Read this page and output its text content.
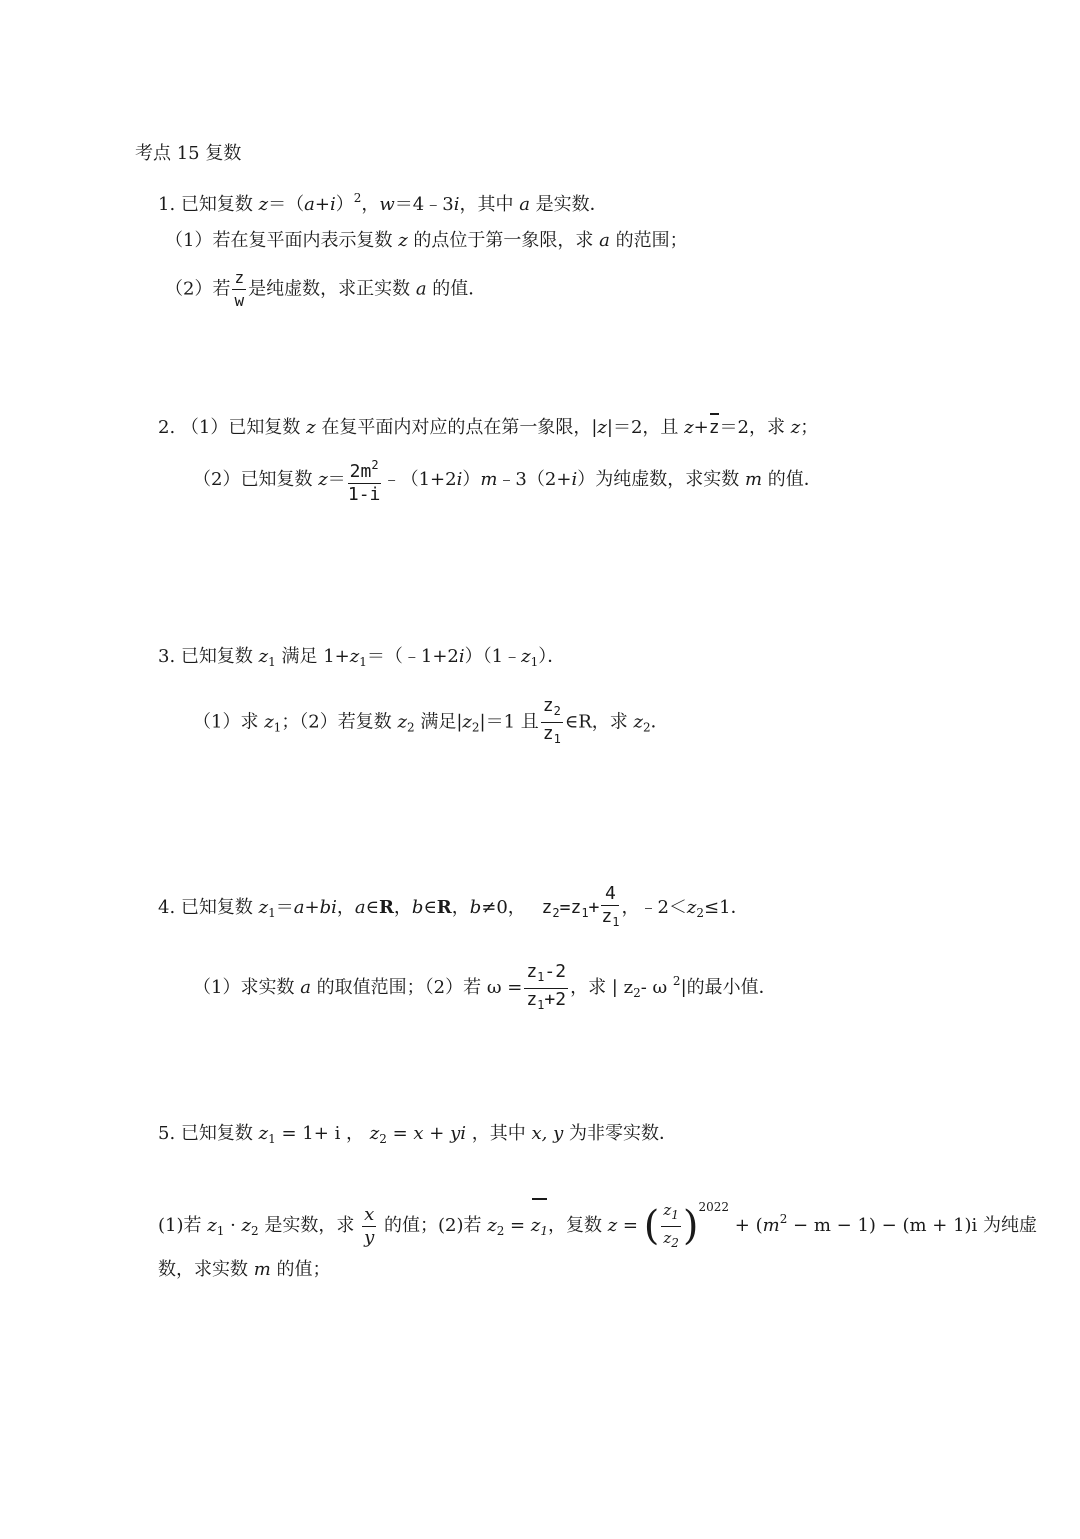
考点 15 复数
1. 已知复数 $z=(a+i)^2$，w＝4﹣3i，其中 a 是实数．
（1）若在复平面内表示复数 z 的点位于第一象限，求 a 的范围；
（2）若 $\frac{z}{w}$ 是纯虚数，求正实数 a 的值．
2. （1）已知复数 z 在复平面内对应的点在第一象限，|z|＝2，且 z+z＝2，求 z；
（2）已知复数 $z= \frac{2m^2}{1-i}$ ﹣（1+2i）m﹣3（2+i）为纯虚数，求实数 m 的值．
3. 已知复数 $z_1$ 满足 $1+z_1=(﹣1+2i)(1﹣z_1)$．
（1）求 $z_1$；（2）若复数 $z_2$ 满足$|z_2|=1$ 且 $\frac{z_2}{z_1}$ ∈R，求 $z_2$．
4. 已知复数 $z_1=a+bi$，a∈R，b∈R，b≠0， $z_2=z_1+ \frac{4}{z_1}$ ，$﹣2<z_2\le 1$．
（1）求实数 a 的取值范围；（2）若 $\omega = \frac{z_1-2}{z_1+2}$ ，求 | $z_2-$ ω $^2$|的最小值．
5. 已知复数 $z_1 = 1+ i$ ， $z_2 = x$ + yi ，其中 x, y 为非零实数．
(1)若 $z_1 \cdot z_2$ 是实数，求 $\frac{x}{y}$ 的值；(2)若 $z_2 = z_1$，复数 z = ( $\frac{z_1}{z_2} )^{2022} + (m^2 - m - 1) - (m + 1)i$ 为纯虚
数，求实数 m 的值；
